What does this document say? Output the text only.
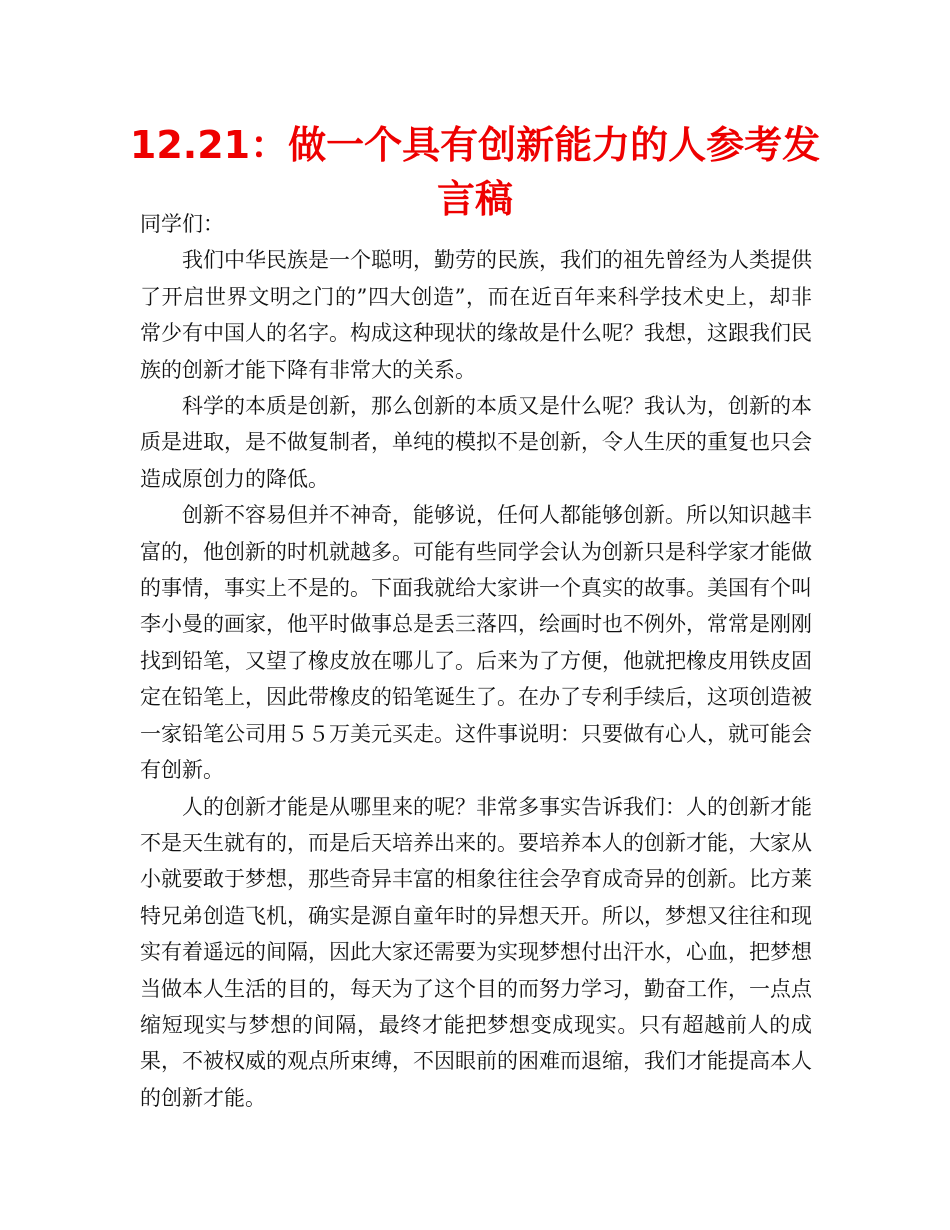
12.21：做一个具有创新能力的人参考发言稿

同学们：

我们中华民族是一个聪明，勤劳的民族，我们的祖先曾经为人类提供了开启世界文明之门的”四大创造”，而在近百年来科学技术史上，却非常少有中国人的名字。构成这种现状的缘故是什么呢？我想，这跟我们民族的创新才能下降有非常大的关系。

科学的本质是创新，那么创新的本质又是什么呢？我认为，创新的本质是进取，是不做复制者，单纯的模拟不是创新，令人生厌的重复也只会造成原创力的降低。

创新不容易但并不神奇，能够说，任何人都能够创新。所以知识越丰富的，他创新的时机就越多。可能有些同学会认为创新只是科学家才能做的事情，事实上不是的。下面我就给大家讲一个真实的故事。美国有个叫李小曼的画家，他平时做事总是丢三落四，绘画时也不例外，常常是刚刚找到铅笔，又望了橡皮放在哪儿了。后来为了方便，他就把橡皮用铁皮固定在铅笔上，因此带橡皮的铅笔诞生了。在办了专利手续后，这项创造被一家铅笔公司用５５万美元买走。这件事说明：只要做有心人，就可能会有创新。

人的创新才能是从哪里来的呢？非常多事实告诉我们：人的创新才能不是天生就有的，而是后天培养出来的。要培养本人的创新才能，大家从小就要敢于梦想，那些奇异丰富的相象往往会孕育成奇异的创新。比方莱特兄弟创造飞机，确实是源自童年时的异想天开。所以，梦想又往往和现实有着遥远的间隔，因此大家还需要为实现梦想付出汗水，心血，把梦想当做本人生活的目的，每天为了这个目的而努力学习，勤奋工作，一点点缩短现实与梦想的间隔，最终才能把梦想变成现实。只有超越前人的成果，不被权威的观点所束缚，不因眼前的困难而退缩，我们才能提高本人的创新才能。
